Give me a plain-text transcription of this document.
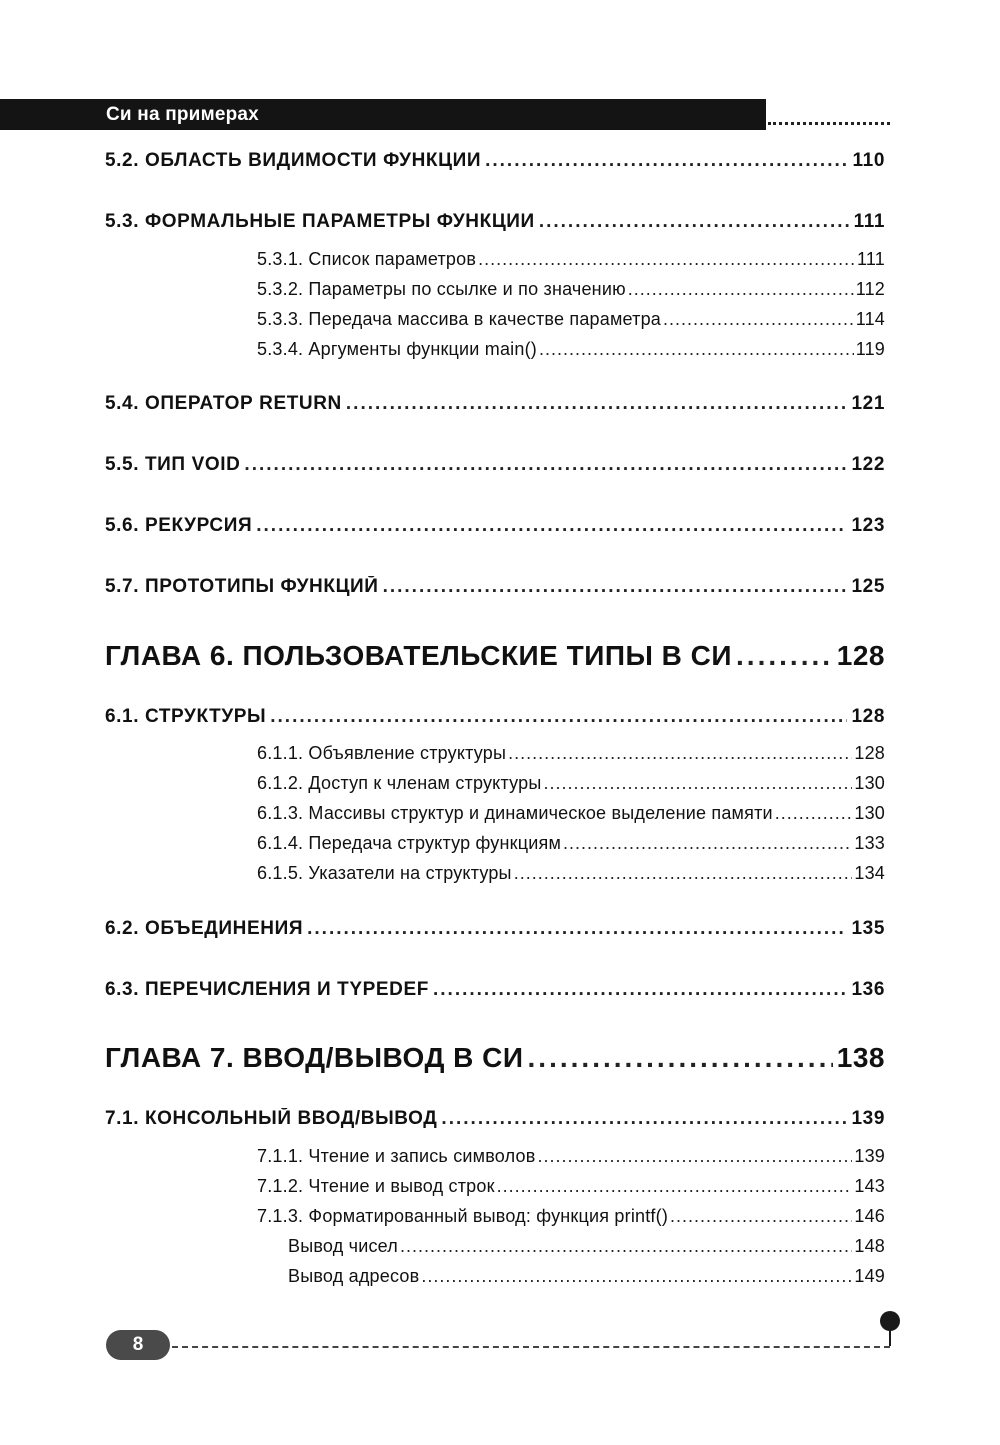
Си на примерах
5.2. ОБЛАСТЬ ВИДИМОСТИ ФУНКЦИИ .....	110
5.3. ФОРМАЛЬНЫЕ ПАРАМЕТРЫ ФУНКЦИИ .....	111
5.3.1. Список параметров .....	111
5.3.2. Параметры по ссылке и по значению .....	112
5.3.3. Передача массива в качестве параметра .....	114
5.3.4. Аргументы функции main() .....	119
5.4. ОПЕРАТОР RETURN .....	121
5.5. ТИП VOID .....	122
5.6. РЕКУРСИЯ .....	123
5.7. ПРОТОТИПЫ ФУНКЦИЙ .....	125
ГЛАВА 6. ПОЛЬЗОВАТЕЛЬСКИЕ ТИПЫ В СИ .....	128
6.1. СТРУКТУРЫ .....	128
6.1.1. Объявление структуры .....	128
6.1.2. Доступ к членам структуры .....	130
6.1.3. Массивы структур и динамическое выделение памяти .....	130
6.1.4. Передача структур функциям .....	133
6.1.5. Указатели на структуры .....	134
6.2. ОБЪЕДИНЕНИЯ .....	135
6.3. ПЕРЕЧИСЛЕНИЯ И TYPEDEF .....	136
ГЛАВА 7. ВВОД/ВЫВОД В СИ .....	138
7.1. КОНСОЛЬНЫЙ ВВОД/ВЫВОД .....	139
7.1.1. Чтение и запись символов .....	139
7.1.2. Чтение и вывод строк .....	143
7.1.3. Форматированный вывод: функция printf() .....	146
Вывод чисел .....	148
Вывод адресов .....	149
8
